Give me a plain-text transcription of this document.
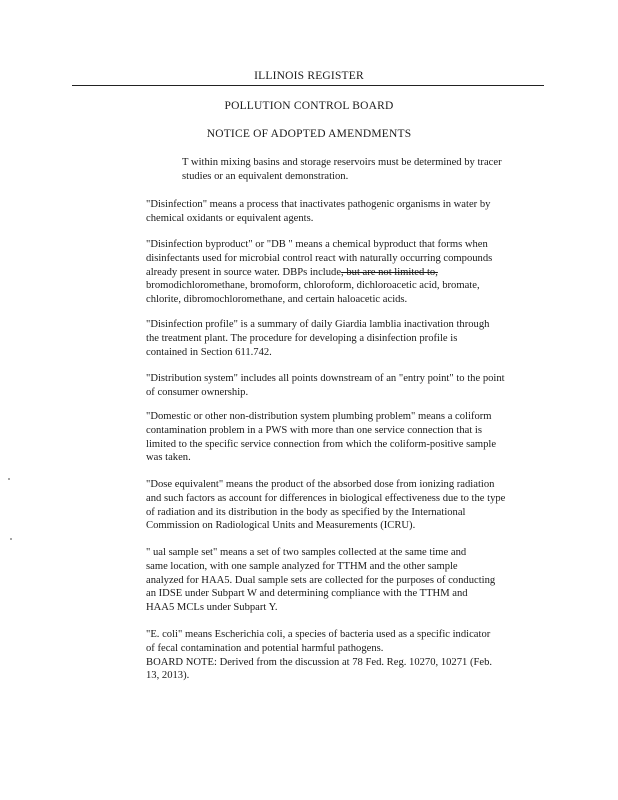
ILLINOIS REGISTER
POLLUTION CONTROL BOARD
NOTICE OF ADOPTED AMENDMENTS
T within mixing basins and storage reservoirs must be determined by tracer
studies or an equivalent demonstration.
"Disinfection" means a process that inactivates pathogenic organisms in water by
chemical oxidants or equivalent agents.
"Disinfection byproduct" or "DB " means a chemical byproduct that forms when
disinfectants used for microbial control react with naturally occurring compounds
already present in source water. DBPs include, but are not limited to,
bromodichloromethane, bromoform, chloroform, dichloroacetic acid, bromate,
chlorite, dibromochloromethane, and certain haloacetic acids.
"Disinfection profile" is a summary of daily Giardia lamblia inactivation through
the treatment plant. The procedure for developing a disinfection profile is
contained in Section 611.742.
"Distribution system" includes all points downstream of an "entry point" to the point
of consumer ownership.
"Domestic or other non-distribution system plumbing problem" means a coliform
contamination problem in a PWS with more than one service connection that is
limited to the specific service connection from which the coliform-positive sample
was taken.
"Dose equivalent" means the product of the absorbed dose from ionizing radiation
and such factors as account for differences in biological effectiveness due to the type
of radiation and its distribution in the body as specified by the International
Commission on Radiological Units and Measurements (ICRU).
" ual sample set" means a set of two samples collected at the same time and
same location, with one sample analyzed for TTHM and the other sample
analyzed for HAA5. Dual sample sets are collected for the purposes of conducting
an IDSE under Subpart W and determining compliance with the TTHM and
HAA5 MCLs under Subpart Y.
"E. coli" means Escherichia coli, a species of bacteria used as a specific indicator
of fecal contamination and potential harmful pathogens.
BOARD NOTE: Derived from the discussion at 78 Fed. Reg. 10270, 10271 (Feb.
13, 2013).
